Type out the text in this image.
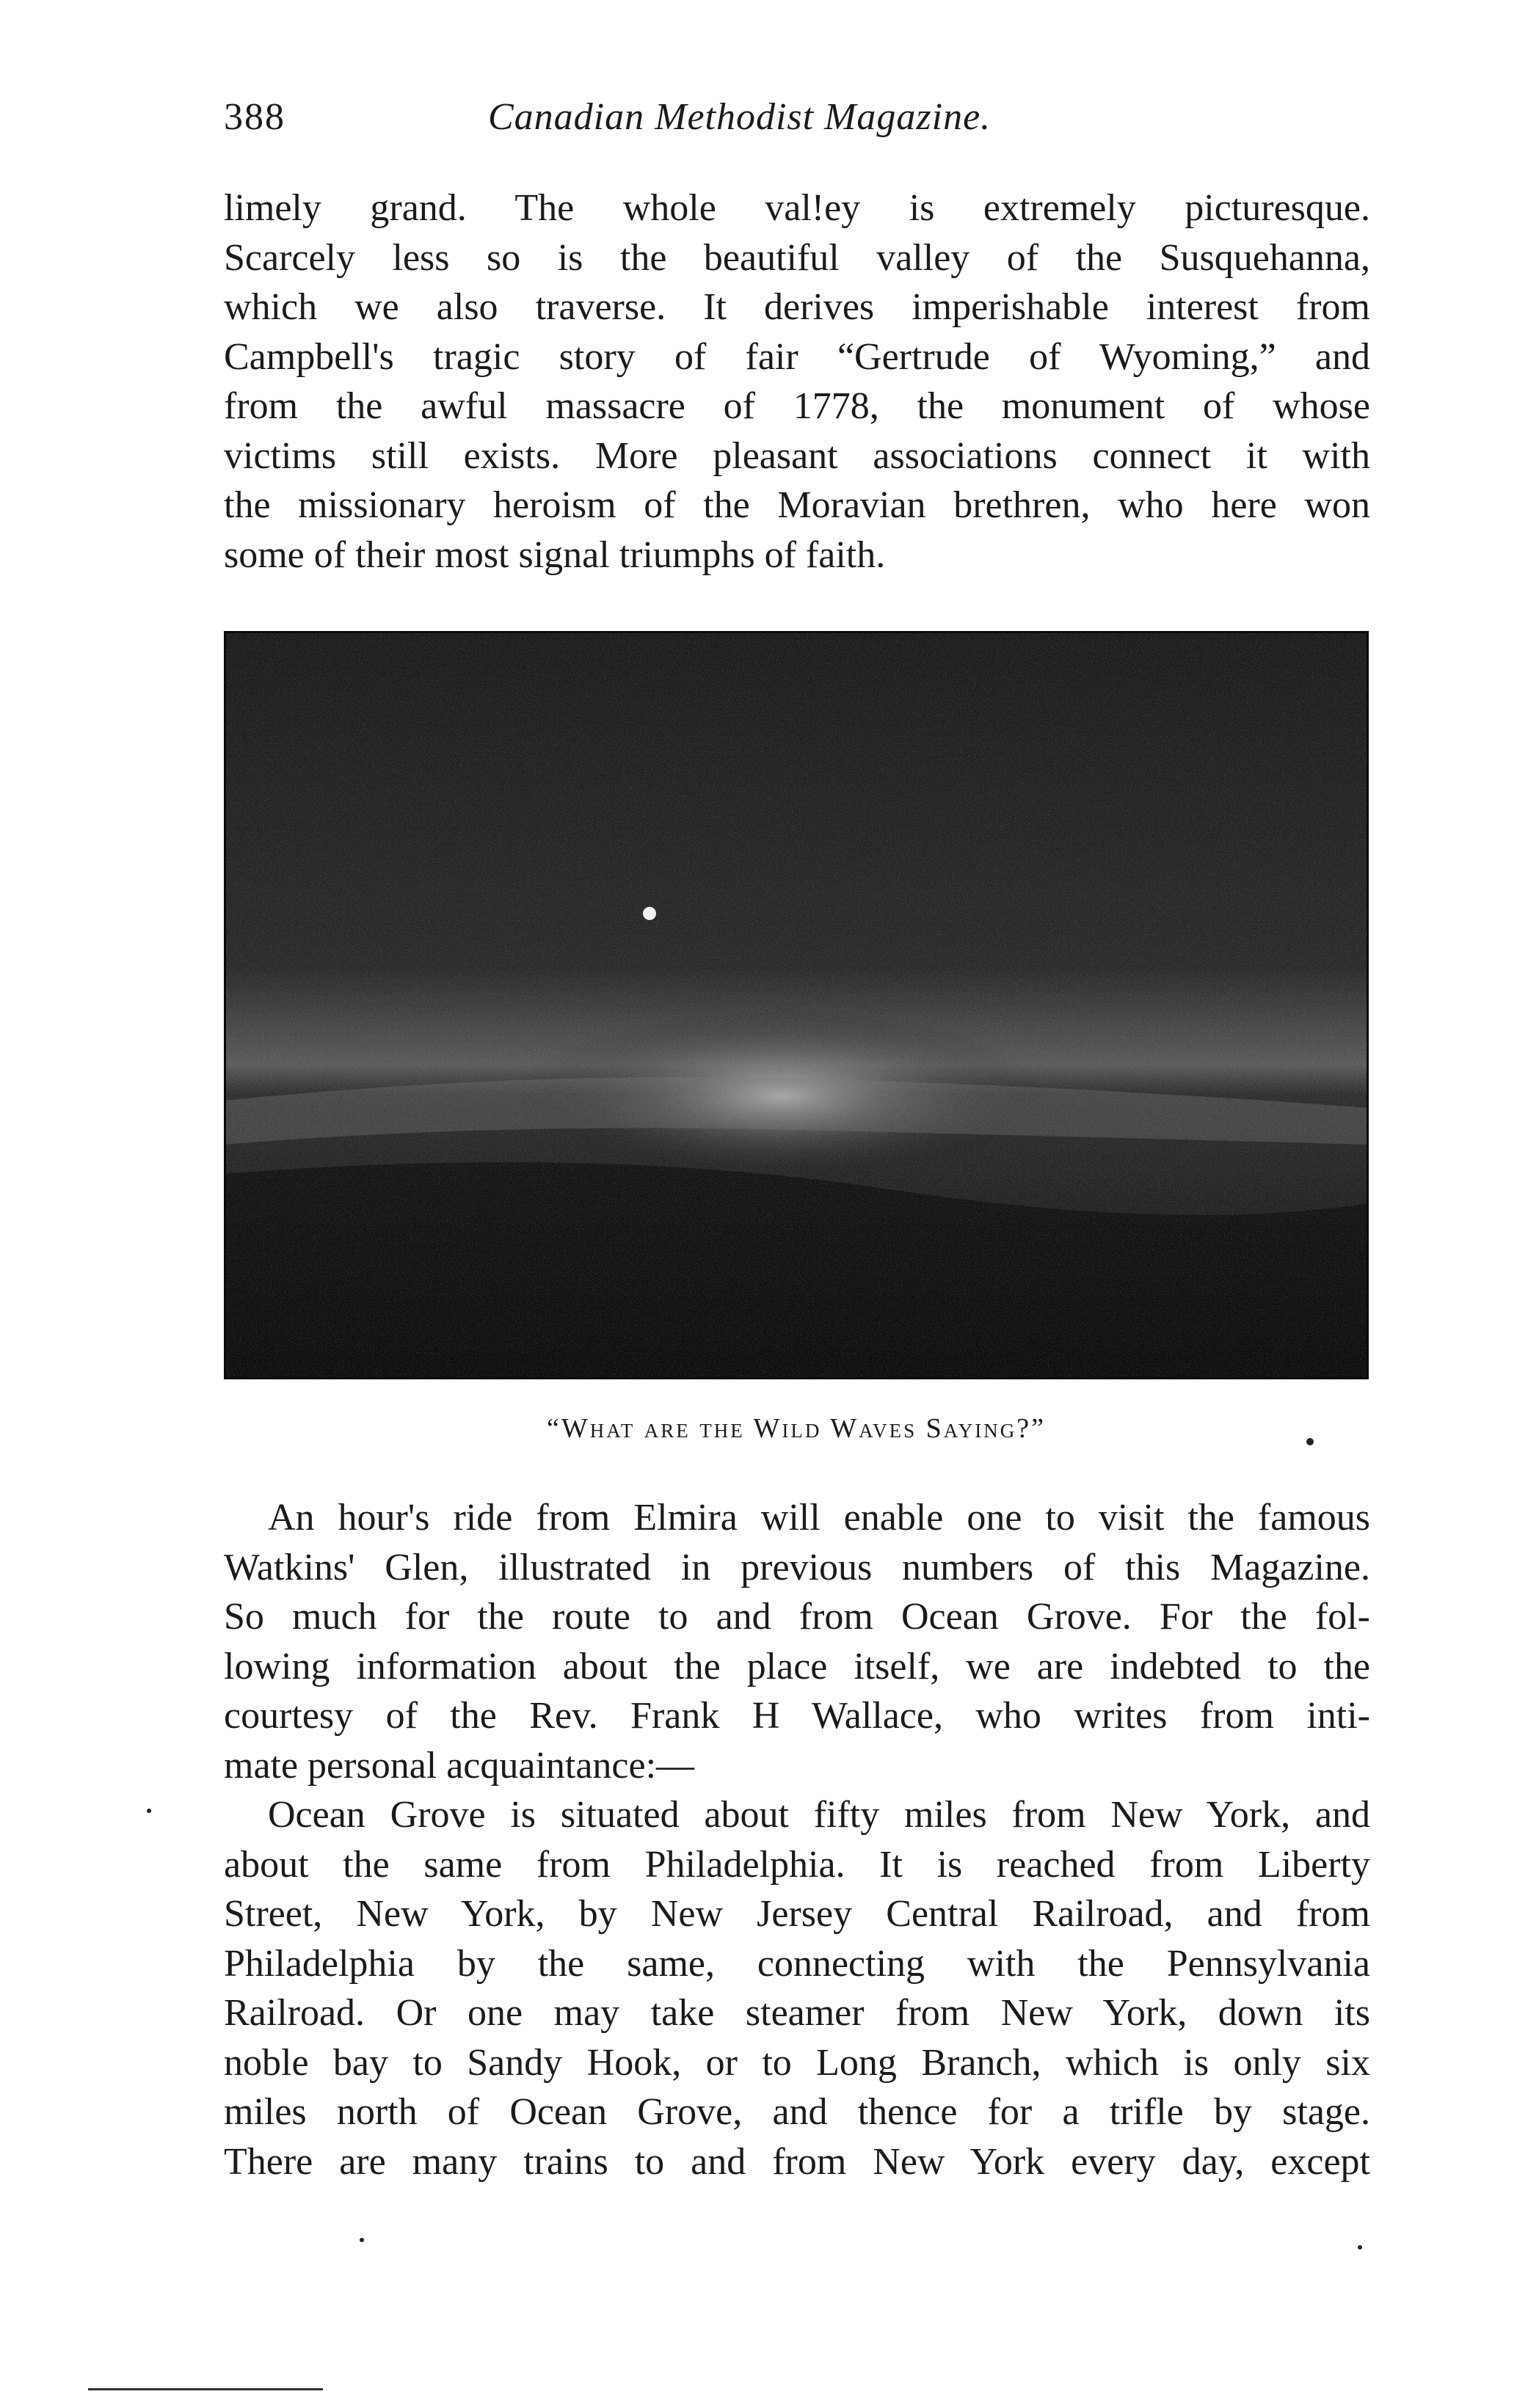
388	Canadian Methodist Magazine.
limely grand. The whole val!ey is extremely picturesque.
Scarcely less so is the beautiful valley of the Susquehanna,
which we also traverse. It derives imperishable interest from
Campbell's tragic story of fair “Gertrude of Wyoming,” and
from the awful massacre of 1778, the monument of whose
victims still exists. More pleasant associations connect it with
the missionary heroism of the Moravian brethren, who here won
some of their most signal triumphs of faith.
“What are the Wild Waves Saying?”
An hour's ride from Elmira will enable one to visit the famous
Watkins' Glen, illustrated in previous numbers of this Magazine.
So much for the route to and from Ocean Grove. For the fol-
lowing information about the place itself, we are indebted to the
courtesy of the Rev. Frank H Wallace, who writes from inti-
mate personal acquaintance:—
Ocean Grove is situated about fifty miles from New York, and
about the same from Philadelphia. It is reached from Liberty
Street, New York, by New Jersey Central Railroad, and from
Philadelphia by the same, connecting with the Pennsylvania
Railroad. Or one may take steamer from New York, down its
noble bay to Sandy Hook, or to Long Branch, which is only six
miles north of Ocean Grove, and thence for a trifle by stage.
There are many trains to and from New York every day, except
